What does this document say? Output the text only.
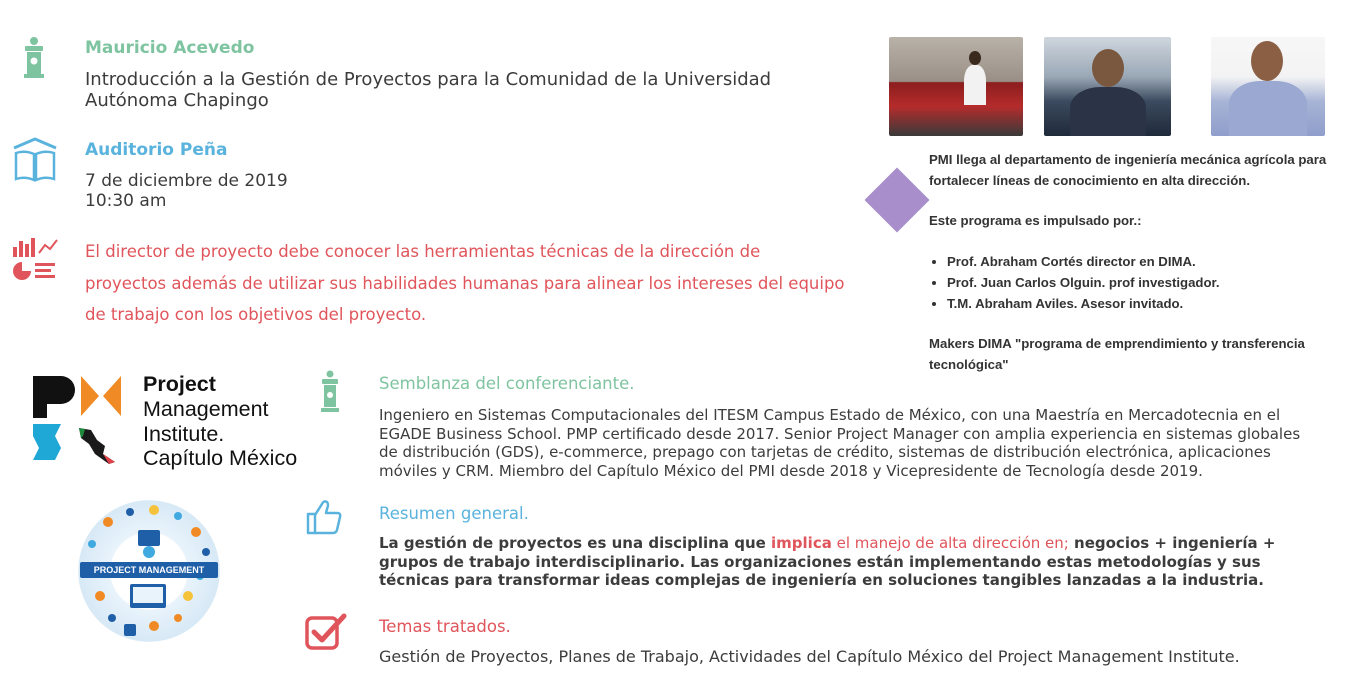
Mauricio Acevedo
Introducción a la Gestión de Proyectos para la Comunidad de la Universidad Autónoma Chapingo
Auditorio Peña
7 de diciembre de 2019
10:30 am
El director de proyecto debe conocer las herramientas técnicas de la dirección de proyectos además de utilizar sus habilidades humanas para alinear los intereses del equipo de trabajo con los objetivos del proyecto.

PMI llega al departamento de ingeniería mecánica agrícola para fortalecer líneas de conocimiento en alta dirección.

Este programa es impulsado por.:

• Prof. Abraham Cortés director en DIMA.
• Prof. Juan Carlos Olguin. prof investigador.
• T.M. Abraham Aviles. Asesor invitado.

Makers DIMA "programa de emprendimiento y transferencia tecnológica"

Project
Management
Institute.
Capítulo México
PROJECT MANAGEMENT
Semblanza del conferenciante.
Ingeniero en Sistemas Computacionales del ITESM Campus Estado de México, con una Maestría en Mercadotecnia en el EGADE Business School. PMP certificado desde 2017. Senior Project Manager con amplia experiencia en sistemas globales de distribución (GDS), e-commerce, prepago con tarjetas de crédito, sistemas de distribución electrónica, aplicaciones móviles y CRM. Miembro del Capítulo México del PMI desde 2018 y Vicepresidente de Tecnología desde 2019.
Resumen general.
La gestión de proyectos es una disciplina que implica el manejo de alta dirección en; negocios + ingeniería + grupos de trabajo interdisciplinario. Las organizaciones están implementando estas metodologías y sus técnicas para transformar ideas complejas de ingeniería en soluciones tangibles lanzadas a la industria.
Temas tratados.
Gestión de Proyectos, Planes de Trabajo, Actividades del Capítulo México del Project Management Institute.
